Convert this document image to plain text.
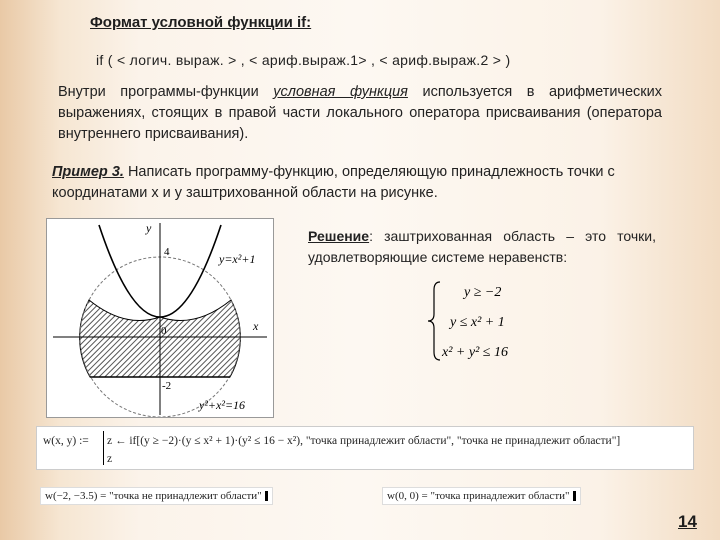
Формат условной функции if:
if ( < логич. выраж. > , < ариф.выраж.1> , < ариф.выраж.2 > )
Внутри программы-функции условная функция используется в арифметических выражениях, стоящих в правой части локального оператора присваивания (оператора внутреннего присваивания).
Пример 3. Написать программу-функцию, определяющую принадлежность точки с координатами x и y заштрихованной области на рисунке.
y
x
4
0
-2
y=x²+1
y²+x²=16
Решение: заштрихованная область – это точки, удовлетворяющие системе неравенств:
y ≥ −2
y ≤ x² + 1
x² + y² ≤ 16
w(x, y) := z ← if[(y ≥ −2)·(y ≤ x² + 1)·(y² ≤ 16 − x²), "точка принадлежит области", "точка не принадлежит области"]
z
w(−2, −3.5) = "точка не принадлежит области"	w(0, 0) = "точка принадлежит области"
14
